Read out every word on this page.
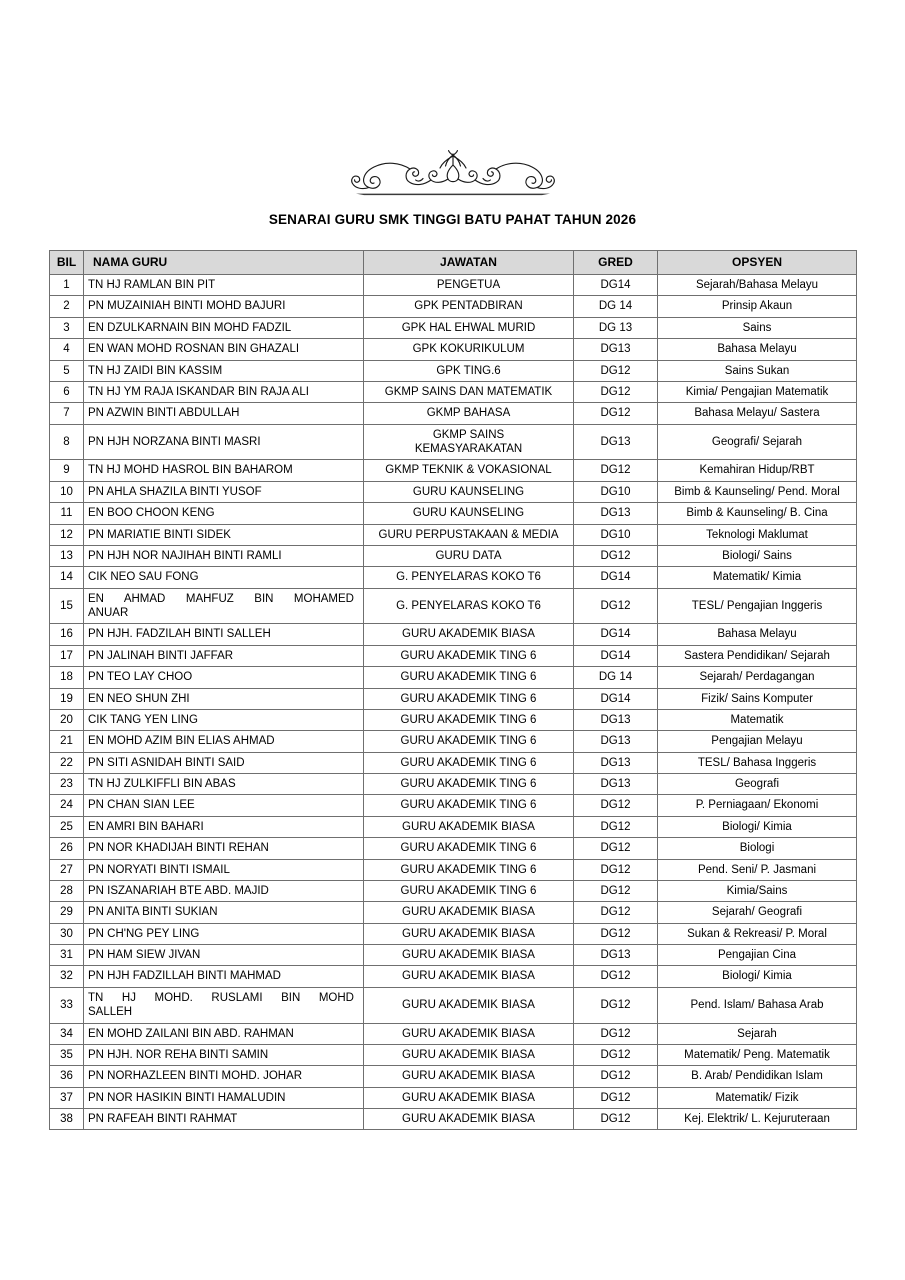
SENARAI GURU SMK TINGGI BATU PAHAT TAHUN 2026
BIL	NAMA GURU	JAWATAN	GRED	OPSYEN
1	TN HJ RAMLAN BIN PIT	PENGETUA	DG14	Sejarah/Bahasa Melayu
2	PN MUZAINIAH BINTI MOHD BAJURI	GPK PENTADBIRAN	DG 14	Prinsip Akaun
3	EN DZULKARNAIN BIN MOHD FADZIL	GPK HAL EHWAL MURID	DG 13	Sains
4	EN WAN MOHD ROSNAN BIN GHAZALI	GPK KOKURIKULUM	DG13	Bahasa Melayu
5	TN HJ ZAIDI BIN KASSIM	GPK TING.6	DG12	Sains Sukan
6	TN HJ YM RAJA ISKANDAR BIN RAJA ALI	GKMP SAINS DAN MATEMATIK	DG12	Kimia/ Pengajian Matematik
7	PN AZWIN BINTI ABDULLAH	GKMP BAHASA	DG12	Bahasa Melayu/ Sastera
8	PN HJH NORZANA BINTI MASRI	GKMP SAINS
KEMASYARAKATAN	DG13	Geografi/ Sejarah
9	TN HJ MOHD HASROL BIN BAHAROM	GKMP TEKNIK & VOKASIONAL	DG12	Kemahiran Hidup/RBT
10	PN AHLA SHAZILA BINTI YUSOF	GURU KAUNSELING	DG10	Bimb & Kaunseling/ Pend. Moral
11	EN BOO CHOON KENG	GURU KAUNSELING	DG13	Bimb & Kaunseling/ B. Cina
12	PN MARIATIE BINTI SIDEK	GURU PERPUSTAKAAN & MEDIA	DG10	Teknologi Maklumat
13	PN HJH NOR NAJIHAH BINTI RAMLI	GURU DATA	DG12	Biologi/ Sains
14	CIK NEO SAU FONG	G. PENYELARAS KOKO T6	DG14	Matematik/ Kimia
15	EN AHMAD MAHFUZ BIN MOHAMED
ANUAR	G. PENYELARAS KOKO T6	DG12	TESL/ Pengajian Inggeris
16	PN HJH. FADZILAH BINTI SALLEH	GURU AKADEMIK BIASA	DG14	Bahasa Melayu
17	PN JALINAH BINTI JAFFAR	GURU AKADEMIK TING 6	DG14	Sastera Pendidikan/ Sejarah
18	PN TEO LAY CHOO	GURU AKADEMIK TING 6	DG 14	Sejarah/ Perdagangan
19	EN NEO SHUN ZHI	GURU AKADEMIK TING 6	DG14	Fizik/ Sains Komputer
20	CIK TANG YEN LING	GURU AKADEMIK TING 6	DG13	Matematik
21	EN MOHD AZIM BIN ELIAS AHMAD	GURU AKADEMIK TING 6	DG13	Pengajian Melayu
22	PN SITI ASNIDAH BINTI SAID	GURU AKADEMIK TING 6	DG13	TESL/ Bahasa Inggeris
23	TN HJ ZULKIFFLI BIN ABAS	GURU AKADEMIK TING 6	DG13	Geografi
24	PN CHAN SIAN LEE	GURU AKADEMIK TING 6	DG12	P. Perniagaan/ Ekonomi
25	EN AMRI BIN BAHARI	GURU AKADEMIK BIASA	DG12	Biologi/ Kimia
26	PN NOR KHADIJAH BINTI REHAN	GURU AKADEMIK TING 6	DG12	Biologi
27	PN NORYATI BINTI ISMAIL	GURU AKADEMIK TING 6	DG12	Pend. Seni/ P. Jasmani
28	PN ISZANARIAH BTE ABD. MAJID	GURU AKADEMIK TING 6	DG12	Kimia/Sains
29	PN ANITA BINTI SUKIAN	GURU AKADEMIK BIASA	DG12	Sejarah/ Geografi
30	PN CH'NG PEY LING	GURU AKADEMIK BIASA	DG12	Sukan & Rekreasi/ P. Moral
31	PN HAM SIEW JIVAN	GURU AKADEMIK BIASA	DG13	Pengajian Cina
32	PN HJH FADZILLAH BINTI MAHMAD	GURU AKADEMIK BIASA	DG12	Biologi/ Kimia
33	TN HJ MOHD. RUSLAMI BIN MOHD
SALLEH	GURU AKADEMIK BIASA	DG12	Pend. Islam/ Bahasa Arab
34	EN MOHD ZAILANI BIN ABD. RAHMAN	GURU AKADEMIK BIASA	DG12	Sejarah
35	PN HJH. NOR REHA BINTI SAMIN	GURU AKADEMIK BIASA	DG12	Matematik/ Peng. Matematik
36	PN NORHAZLEEN BINTI MOHD. JOHAR	GURU AKADEMIK BIASA	DG12	B. Arab/ Pendidikan Islam
37	PN NOR HASIKIN BINTI HAMALUDIN	GURU AKADEMIK BIASA	DG12	Matematik/ Fizik
38	PN RAFEAH BINTI RAHMAT	GURU AKADEMIK BIASA	DG12	Kej. Elektrik/ L. Kejuruteraan
